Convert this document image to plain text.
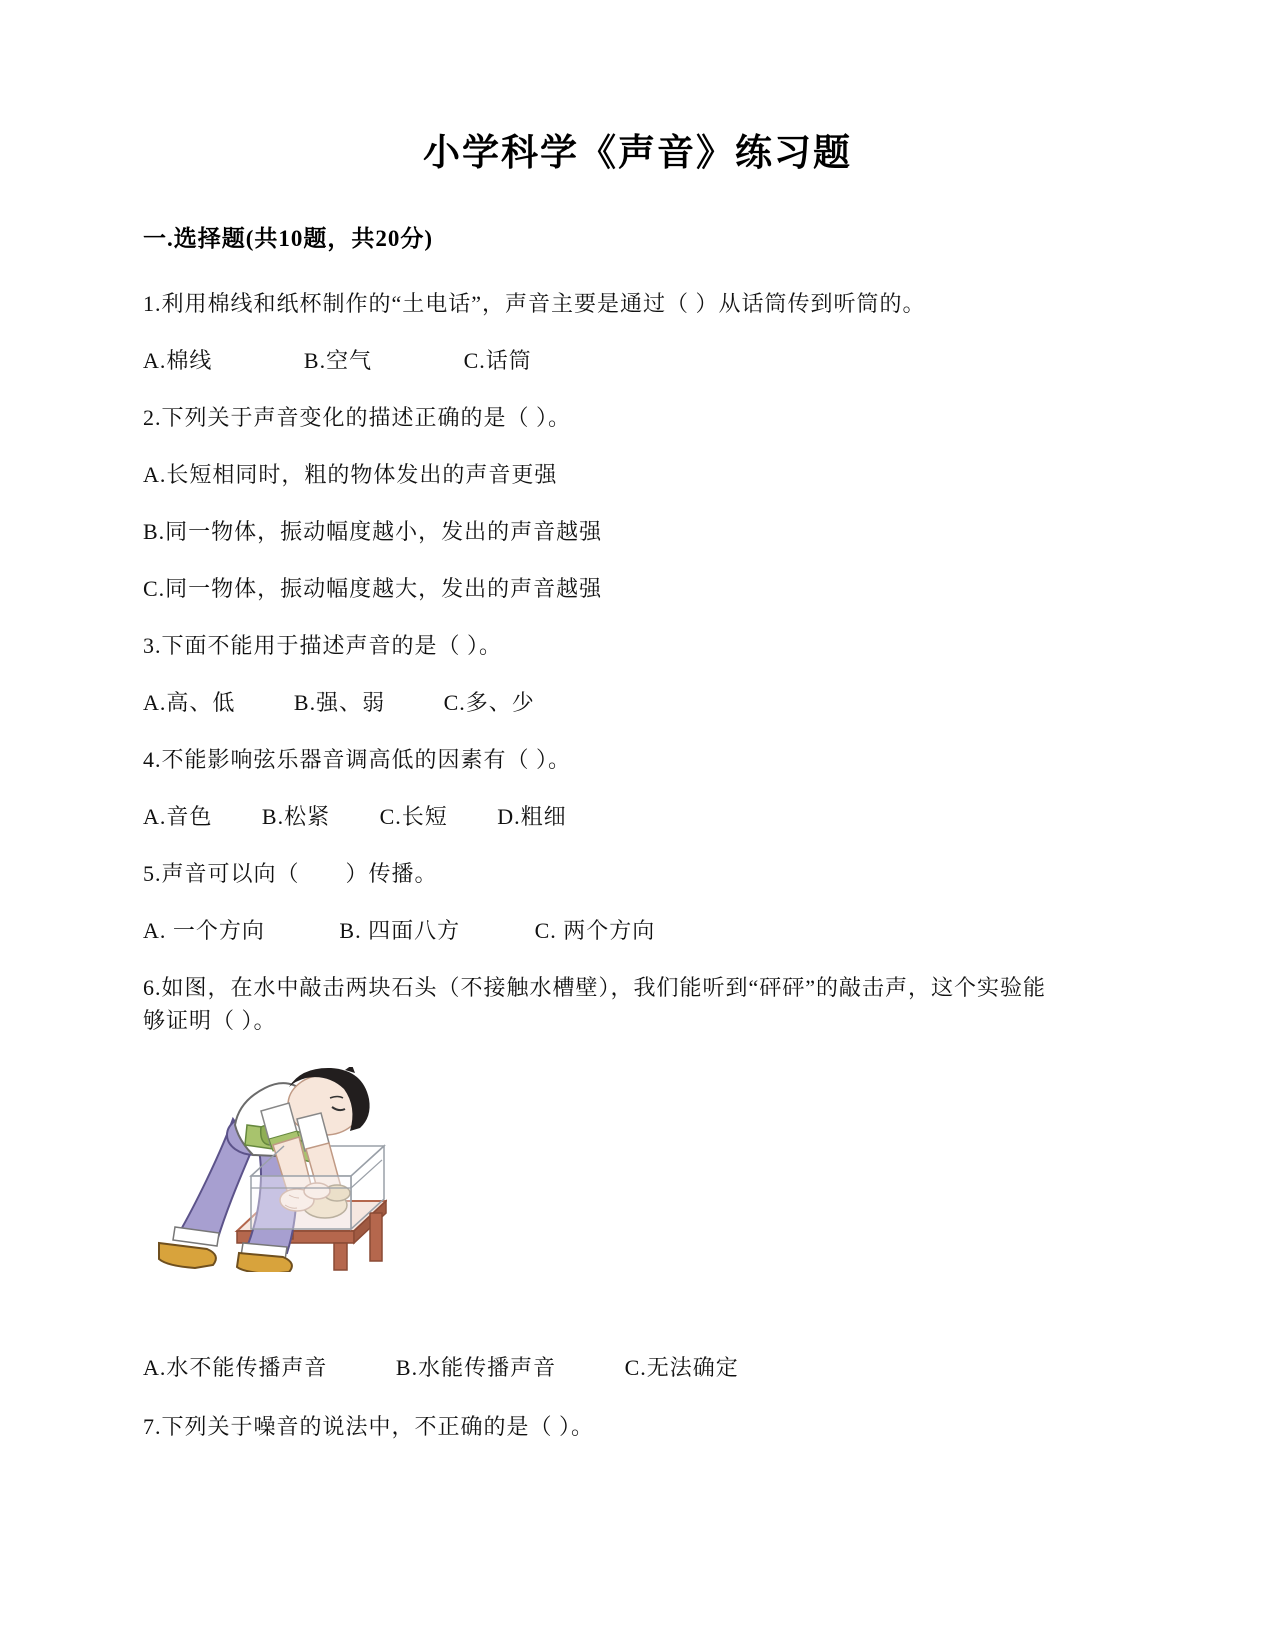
小学科学《声音》练习题
一.选择题(共10题，共20分)

1.利用棉线和纸杯制作的“土电话”，声音主要是通过（ ）从话筒传到听筒的。

A.棉线	B.空气	C.话筒

2.下列关于声音变化的描述正确的是（ ）。

A.长短相同时，粗的物体发出的声音更强

B.同一物体，振动幅度越小，发出的声音越强

C.同一物体，振动幅度越大，发出的声音越强

3.下面不能用于描述声音的是（ ）。

A.高、低	B.强、弱	C.多、少

4.不能影响弦乐器音调高低的因素有（ ）。

A.音色 B.松紧 C.长短 D.粗细

5.声音可以向（　　）传播。

A. 一个方向	B. 四面八方	C. 两个方向

6.如图，在水中敲击两块石头（不接触水槽壁），我们能听到“砰砰”的敲击声，这个实验能够证明（ ）。

A.水不能传播声音	B.水能传播声音	C.无法确定

7.下列关于噪音的说法中，不正确的是（ ）。
